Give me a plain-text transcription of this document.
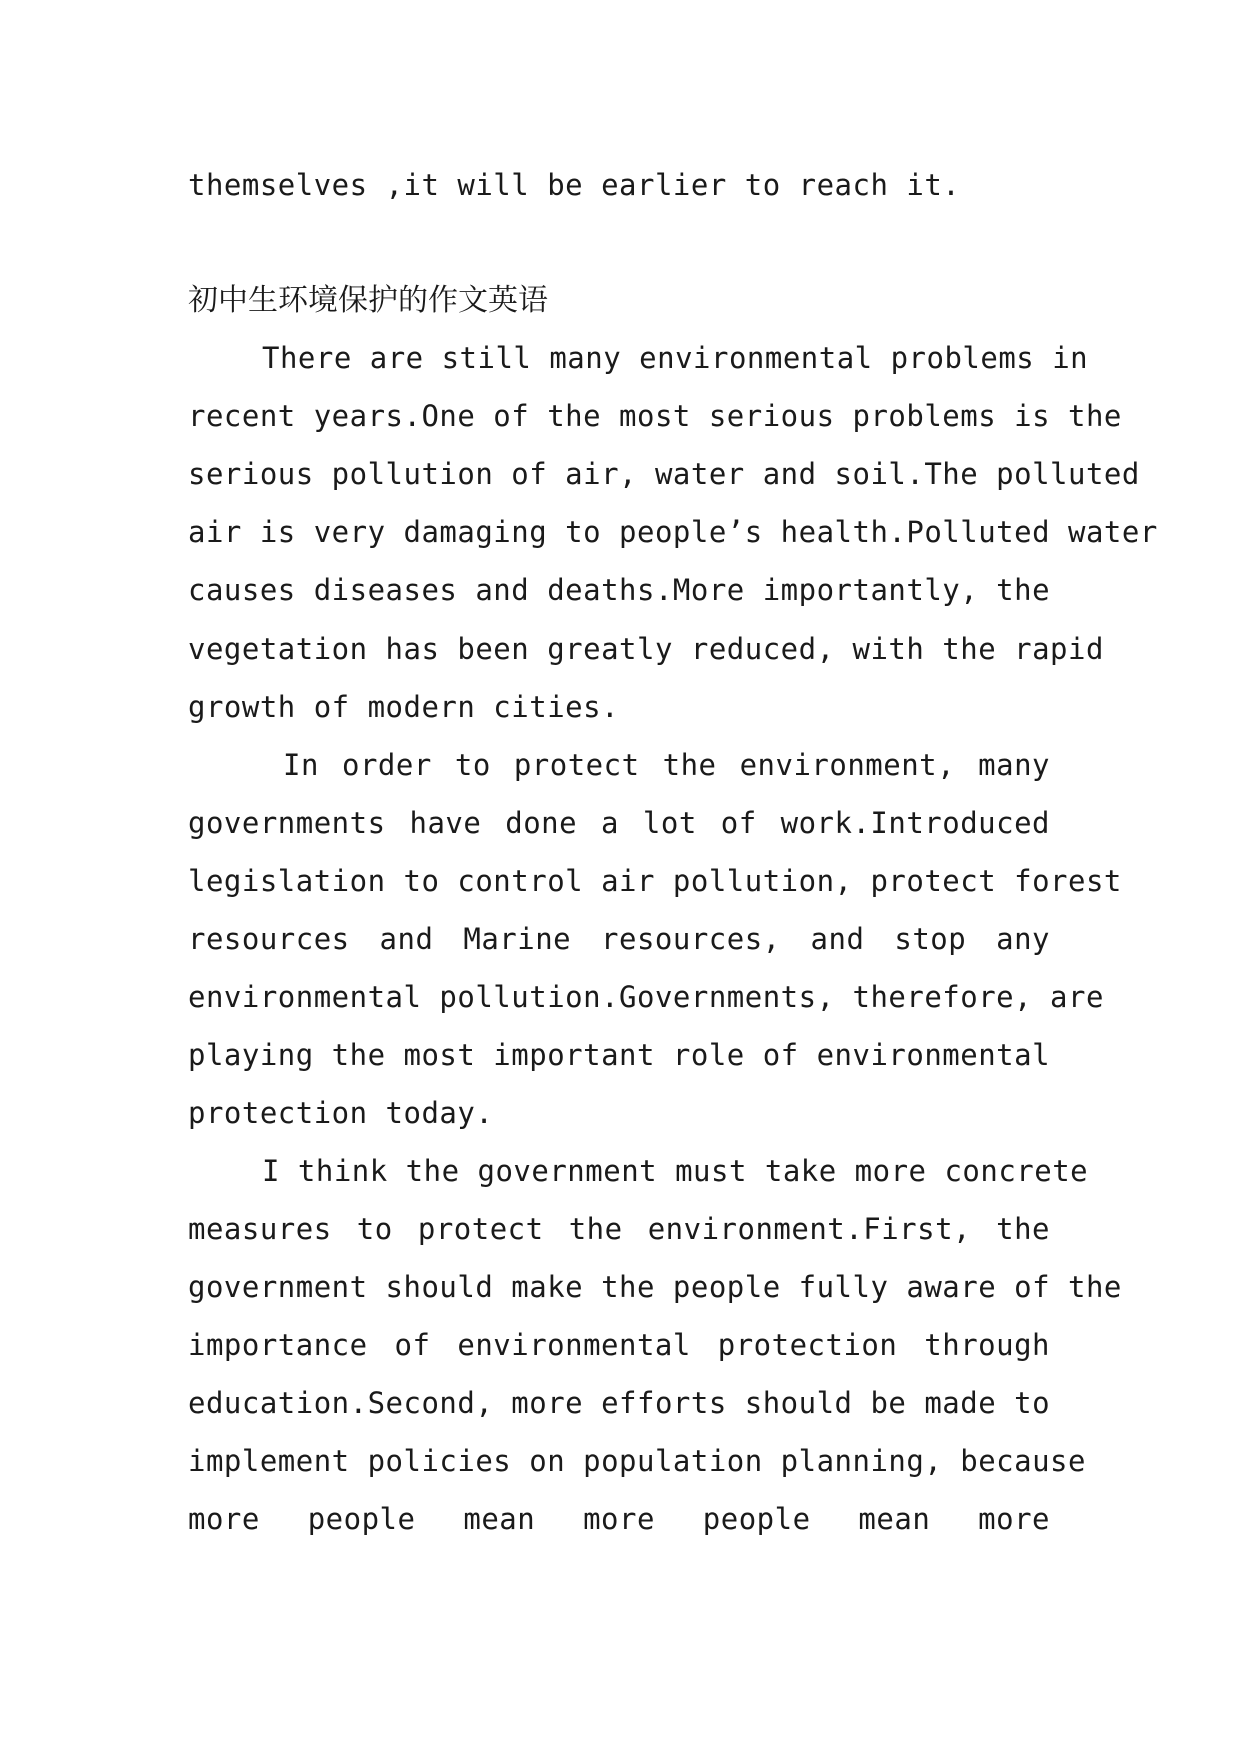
themselves ,it will be earlier to reach it.
初中生环境保护的作文英语
There are still many environmental problems in
recent years.One of the most serious problems is the
serious pollution of air, water and soil.The polluted
air is very damaging to people’s health.Polluted water
causes diseases and deaths.More importantly, the
vegetation has been greatly reduced, with the rapid
growth of modern cities.
In order to protect the environment, many
governments have done a lot of work.Introduced
legislation to control air pollution, protect forest
resources and Marine resources, and stop any
environmental pollution.Governments, therefore, are
playing the most important role of environmental
protection today.
I think the government must take more concrete
measures to protect the environment.First, the
government should make the people fully aware of the
importance of environmental protection through
education.Second, more efforts should be made to
implement policies on population planning, because
more people mean more people mean more
